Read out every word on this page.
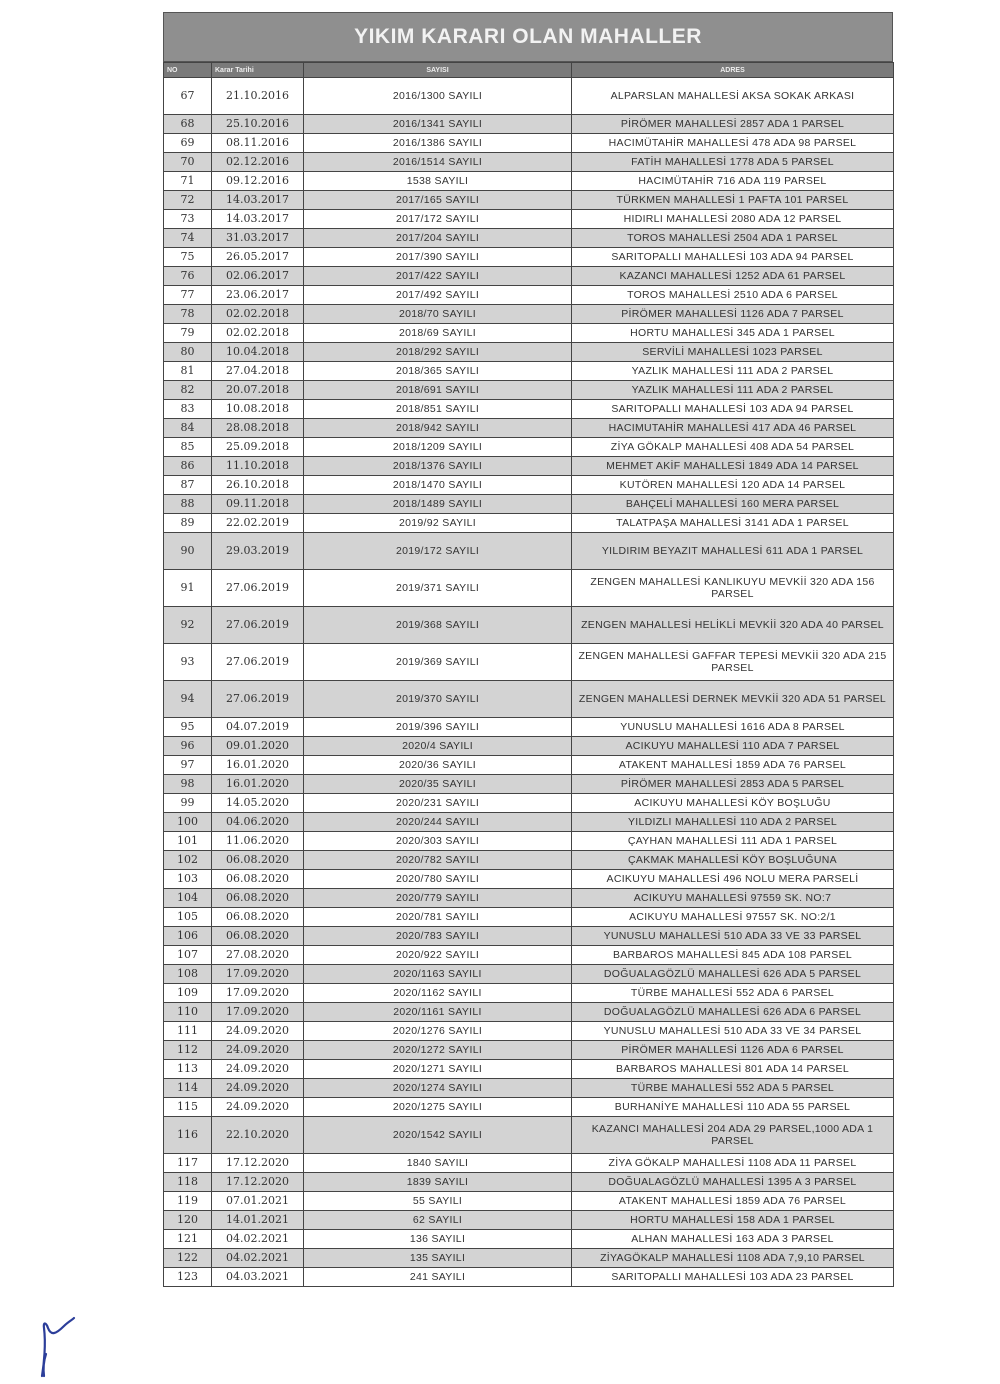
YIKIM KARARI OLAN MAHALLER
NO	Karar Tarihi	SAYISI	ADRES
67	21.10.2016	2016/1300 SAYILI	ALPARSLAN MAHALLESİ AKSA SOKAK ARKASI
68	25.10.2016	2016/1341 SAYILI	PİRÖMER MAHALLESİ 2857 ADA 1 PARSEL
69	08.11.2016	2016/1386 SAYILI	HACIMÜTAHİR MAHALLESİ 478 ADA 98 PARSEL
70	02.12.2016	2016/1514 SAYILI	FATİH MAHALLESİ 1778 ADA 5 PARSEL
71	09.12.2016	1538 SAYILI	HACIMÜTAHİR 716 ADA 119 PARSEL
72	14.03.2017	2017/165 SAYILI	TÜRKMEN MAHALLESİ 1 PAFTA 101 PARSEL
73	14.03.2017	2017/172 SAYILI	HIDIRLI MAHALLESİ 2080 ADA 12 PARSEL
74	31.03.2017	2017/204 SAYILI	TOROS MAHALLESİ 2504 ADA 1 PARSEL
75	26.05.2017	2017/390 SAYILI	SARITOPALLI MAHALLESİ 103 ADA 94 PARSEL
76	02.06.2017	2017/422 SAYILI	KAZANCI MAHALLESİ 1252 ADA 61 PARSEL
77	23.06.2017	2017/492 SAYILI	TOROS MAHALLESİ 2510 ADA 6 PARSEL
78	02.02.2018	2018/70 SAYILI	PİRÖMER MAHALLESİ 1126 ADA 7 PARSEL
79	02.02.2018	2018/69 SAYILI	HORTU MAHALLESİ 345 ADA 1 PARSEL
80	10.04.2018	2018/292 SAYILI	SERVİLİ MAHALLESİ 1023 PARSEL
81	27.04.2018	2018/365 SAYILI	YAZLIK MAHALLESİ 111 ADA 2 PARSEL
82	20.07.2018	2018/691 SAYILI	YAZLIK MAHALLESİ 111 ADA 2 PARSEL
83	10.08.2018	2018/851 SAYILI	SARITOPALLI MAHALLESİ 103 ADA 94 PARSEL
84	28.08.2018	2018/942 SAYILI	HACIMUTAHİR MAHALLESİ 417 ADA 46 PARSEL
85	25.09.2018	2018/1209 SAYILI	ZİYA GÖKALP MAHALLESİ 408 ADA 54 PARSEL
86	11.10.2018	2018/1376 SAYILI	MEHMET AKİF MAHALLESİ 1849 ADA 14 PARSEL
87	26.10.2018	2018/1470 SAYILI	KUTÖREN MAHALLESİ 120 ADA 14 PARSEL
88	09.11.2018	2018/1489 SAYILI	BAHÇELİ MAHALLESİ 160 MERA PARSEL
89	22.02.2019	2019/92 SAYILI	TALATPAŞA MAHALLESİ 3141 ADA 1 PARSEL
90	29.03.2019	2019/172 SAYILI	YILDIRIM BEYAZIT MAHALLESİ 611 ADA 1 PARSEL
91	27.06.2019	2019/371 SAYILI	ZENGEN MAHALLESİ KANLIKUYU MEVKİİ 320 ADA 156 PARSEL
92	27.06.2019	2019/368 SAYILI	ZENGEN MAHALLESİ HELİKLİ MEVKİİ 320 ADA 40 PARSEL
93	27.06.2019	2019/369 SAYILI	ZENGEN MAHALLESİ GAFFAR TEPESİ MEVKİİ 320 ADA 215 PARSEL
94	27.06.2019	2019/370 SAYILI	ZENGEN MAHALLESİ DERNEK MEVKİİ 320 ADA 51 PARSEL
95	04.07.2019	2019/396 SAYILI	YUNUSLU MAHALLESİ 1616 ADA 8 PARSEL
96	09.01.2020	2020/4 SAYILI	ACIKUYU MAHALLESİ 110 ADA 7 PARSEL
97	16.01.2020	2020/36 SAYILI	ATAKENT MAHALLESİ 1859 ADA 76 PARSEL
98	16.01.2020	2020/35 SAYILI	PİRÖMER MAHALLESİ 2853 ADA 5 PARSEL
99	14.05.2020	2020/231 SAYILI	ACIKUYU MAHALLESİ KÖY BOŞLUĞU
100	04.06.2020	2020/244 SAYILI	YILDIZLI MAHALLESİ 110 ADA 2 PARSEL
101	11.06.2020	2020/303 SAYILI	ÇAYHAN MAHALLESİ 111 ADA 1 PARSEL
102	06.08.2020	2020/782 SAYILI	ÇAKMAK MAHALLESİ KÖY BOŞLUĞUNA
103	06.08.2020	2020/780 SAYILI	ACIKUYU MAHALLESİ 496 NOLU MERA PARSELİ
104	06.08.2020	2020/779 SAYILI	ACIKUYU MAHALLESİ 97559 SK. NO:7
105	06.08.2020	2020/781 SAYILI	ACIKUYU MAHALLESİ 97557 SK. NO:2/1
106	06.08.2020	2020/783 SAYILI	YUNUSLU MAHALLESİ 510 ADA 33 VE 33 PARSEL
107	27.08.2020	2020/922 SAYILI	BARBAROS MAHALLESİ 845 ADA 108 PARSEL
108	17.09.2020	2020/1163 SAYILI	DOĞUALAGÖZLÜ MAHALLESİ 626 ADA 5 PARSEL
109	17.09.2020	2020/1162 SAYILI	TÜRBE MAHALLESİ 552 ADA 6 PARSEL
110	17.09.2020	2020/1161 SAYILI	DOĞUALAGÖZLÜ MAHALLESİ 626 ADA 6 PARSEL
111	24.09.2020	2020/1276 SAYILI	YUNUSLU MAHALLESİ 510 ADA 33 VE 34 PARSEL
112	24.09.2020	2020/1272 SAYILI	PİRÖMER MAHALLESİ 1126 ADA 6 PARSEL
113	24.09.2020	2020/1271 SAYILI	BARBAROS MAHALLESİ 801 ADA 14 PARSEL
114	24.09.2020	2020/1274 SAYILI	TÜRBE MAHALLESİ 552 ADA 5 PARSEL
115	24.09.2020	2020/1275 SAYILI	BURHANİYE MAHALLESİ 110 ADA 55 PARSEL
116	22.10.2020	2020/1542 SAYILI	KAZANCI MAHALLESİ 204 ADA 29 PARSEL,1000 ADA 1 PARSEL
117	17.12.2020	1840 SAYILI	ZİYA GÖKALP MAHALLESİ 1108 ADA 11 PARSEL
118	17.12.2020	1839 SAYILI	DOĞUALAGÖZLÜ MAHALLESİ 1395 A 3 PARSEL
119	07.01.2021	55 SAYILI	ATAKENT MAHALLESİ 1859 ADA 76 PARSEL
120	14.01.2021	62 SAYILI	HORTU MAHALLESİ 158 ADA 1 PARSEL
121	04.02.2021	136 SAYILI	ALHAN MAHALLESİ 163 ADA 3 PARSEL
122	04.02.2021	135 SAYILI	ZİYAGÖKALP MAHALLESİ 1108 ADA 7,9,10 PARSEL
123	04.03.2021	241 SAYILI	SARITOPALLI MAHALLESİ 103 ADA 23 PARSEL
